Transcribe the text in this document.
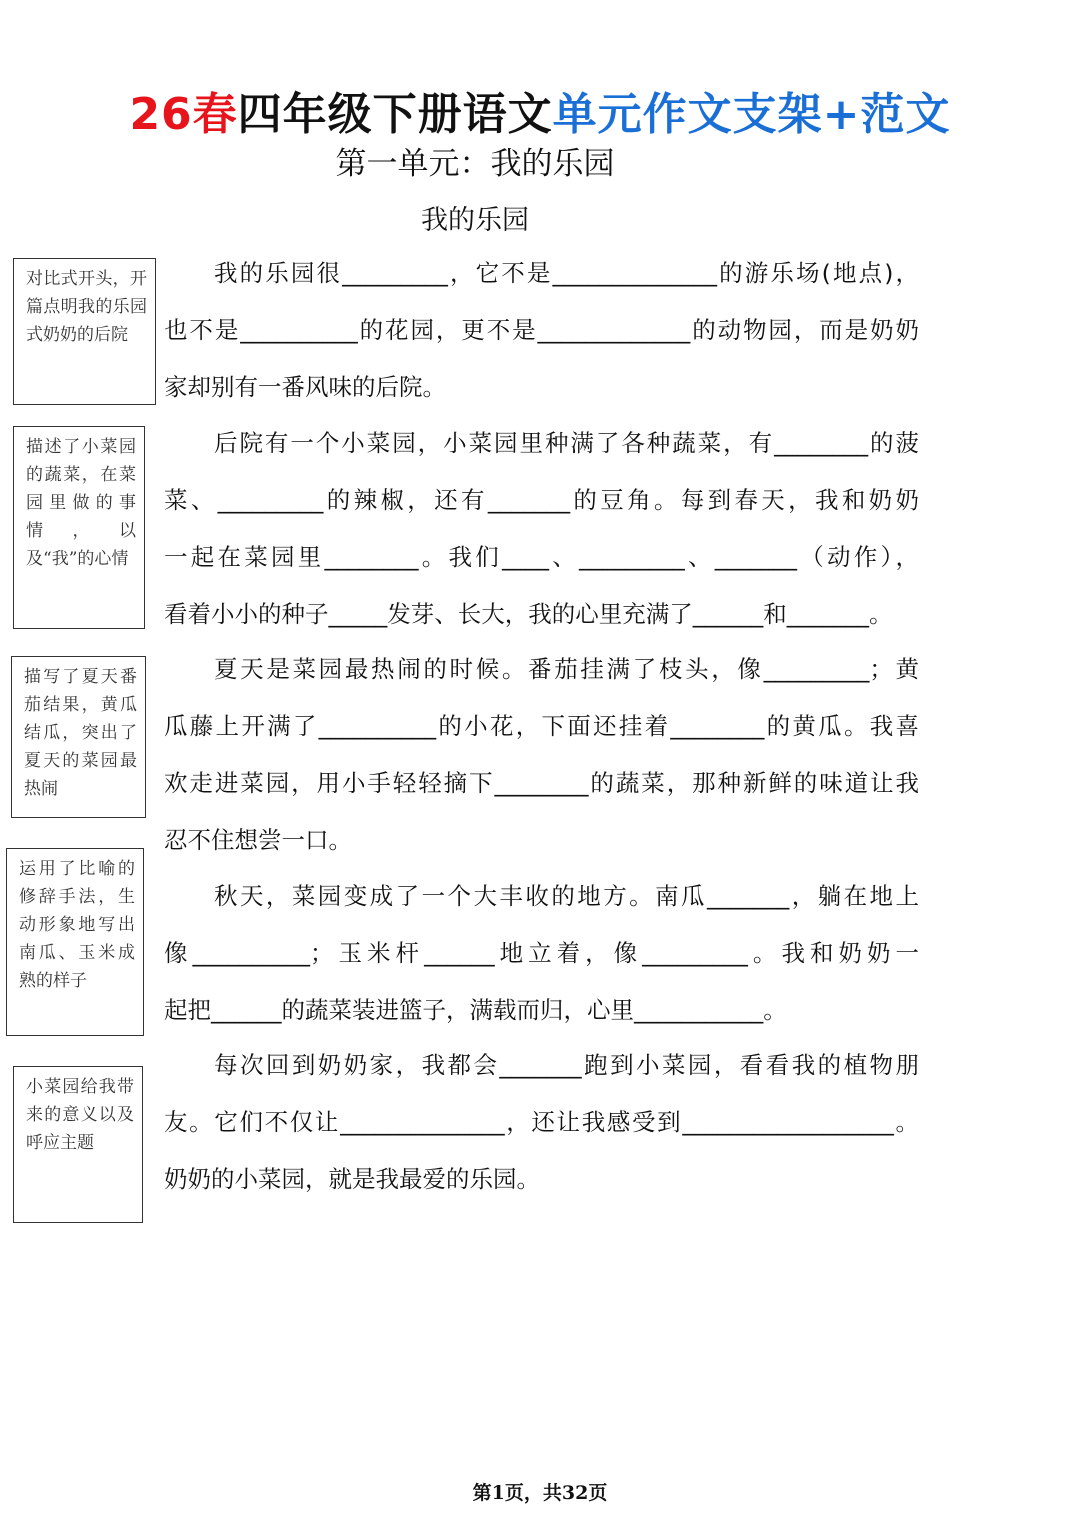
26春四年级下册语文单元作文支架+范文
第一单元：我的乐园
我的乐园
对比式开头，开篇点明我的乐园式奶奶的后院
描述了小菜园的蔬菜，在菜园里做的事情，以及“我”的心情
描写了夏天番茄结果，黄瓜结瓜，突出了夏天的菜园最热闹
运用了比喻的修辞手法，生动形象地写出南瓜、玉米成熟的样子
小菜园给我带来的意义以及呼应主题
我的乐园很_________，它不是______________的游乐场(地点)，
也不是__________的花园，更不是_____________的动物园，而是奶奶
家却别有一番风味的后院。
后院有一个小菜园，小菜园里种满了各种蔬菜，有________的菠
菜、_________的辣椒，还有_______的豆角。每到春天，我和奶奶
一起在菜园里________。我们____、_________、_______（动作），
看着小小的种子_____发芽、长大，我的心里充满了______和_______。
夏天是菜园最热闹的时候。番茄挂满了枝头，像_________；黄
瓜藤上开满了__________的小花，下面还挂着________的黄瓜。我喜
欢走进菜园，用小手轻轻摘下________的蔬菜，那种新鲜的味道让我
忍不住想尝一口。
秋天，菜园变成了一个大丰收的地方。南瓜_______，躺在地上
像__________；玉米杆______地立着，像_________。我和奶奶一
起把______的蔬菜装进篮子，满载而归，心里___________。
每次回到奶奶家，我都会_______跑到小菜园，看看我的植物朋
友。它们不仅让______________，还让我感受到__________________。
奶奶的小菜园，就是我最爱的乐园。
第1页，共32页
